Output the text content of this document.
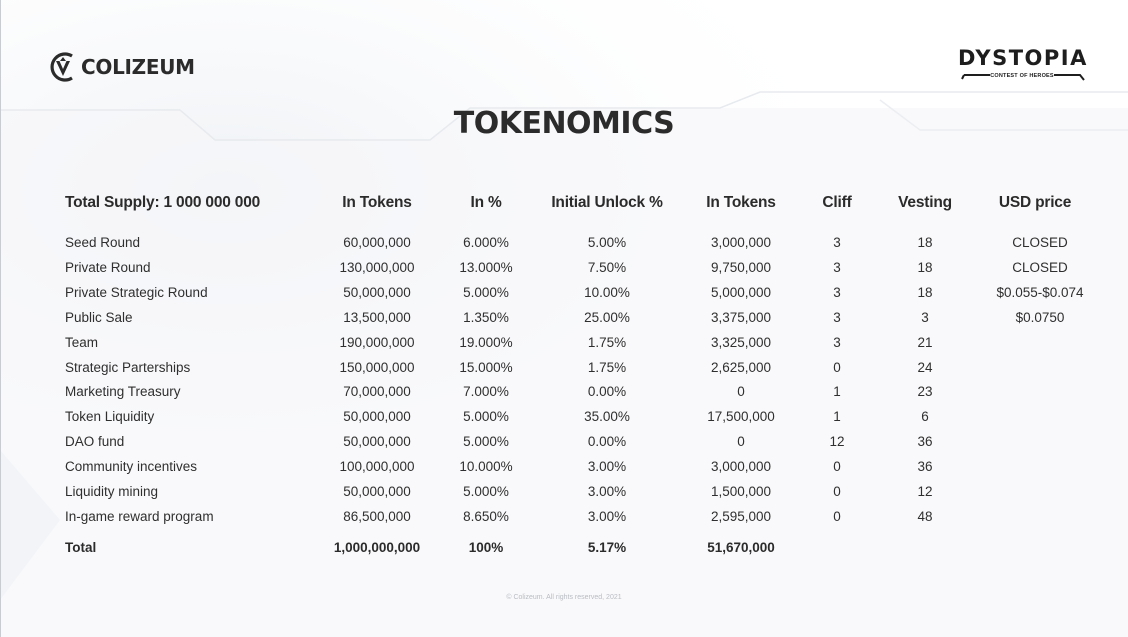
COLIZEUM	DYSTOPIA
CONTEST OF HEROES
TOKENOMICS
Total Supply: 1 000 000 000	In Tokens	In %	Initial Unlock %	In Tokens	Cliff	Vesting	USD price
Seed Round	60,000,000	6.000%	5.00%	3,000,000	3	18	CLOSED
Private Round	130,000,000	13.000%	7.50%	9,750,000	3	18	CLOSED
Private Strategic Round	50,000,000	5.000%	10.00%	5,000,000	3	18	$0.055-$0.074
Public Sale	13,500,000	1.350%	25.00%	3,375,000	3	3	$0.0750
Team	190,000,000	19.000%	1.75%	3,325,000	3	21
Strategic Parterships	150,000,000	15.000%	1.75%	2,625,000	0	24
Marketing Treasury	70,000,000	7.000%	0.00%	0	1	23
Token Liquidity	50,000,000	5.000%	35.00%	17,500,000	1	6
DAO fund	50,000,000	5.000%	0.00%	0	12	36
Community incentives	100,000,000	10.000%	3.00%	3,000,000	0	36
Liquidity mining	50,000,000	5.000%	3.00%	1,500,000	0	12
In-game reward program	86,500,000	8.650%	3.00%	2,595,000	0	48
Total	1,000,000,000	100%	5.17%	51,670,000
© Colizeum. All rights reserved, 2021
